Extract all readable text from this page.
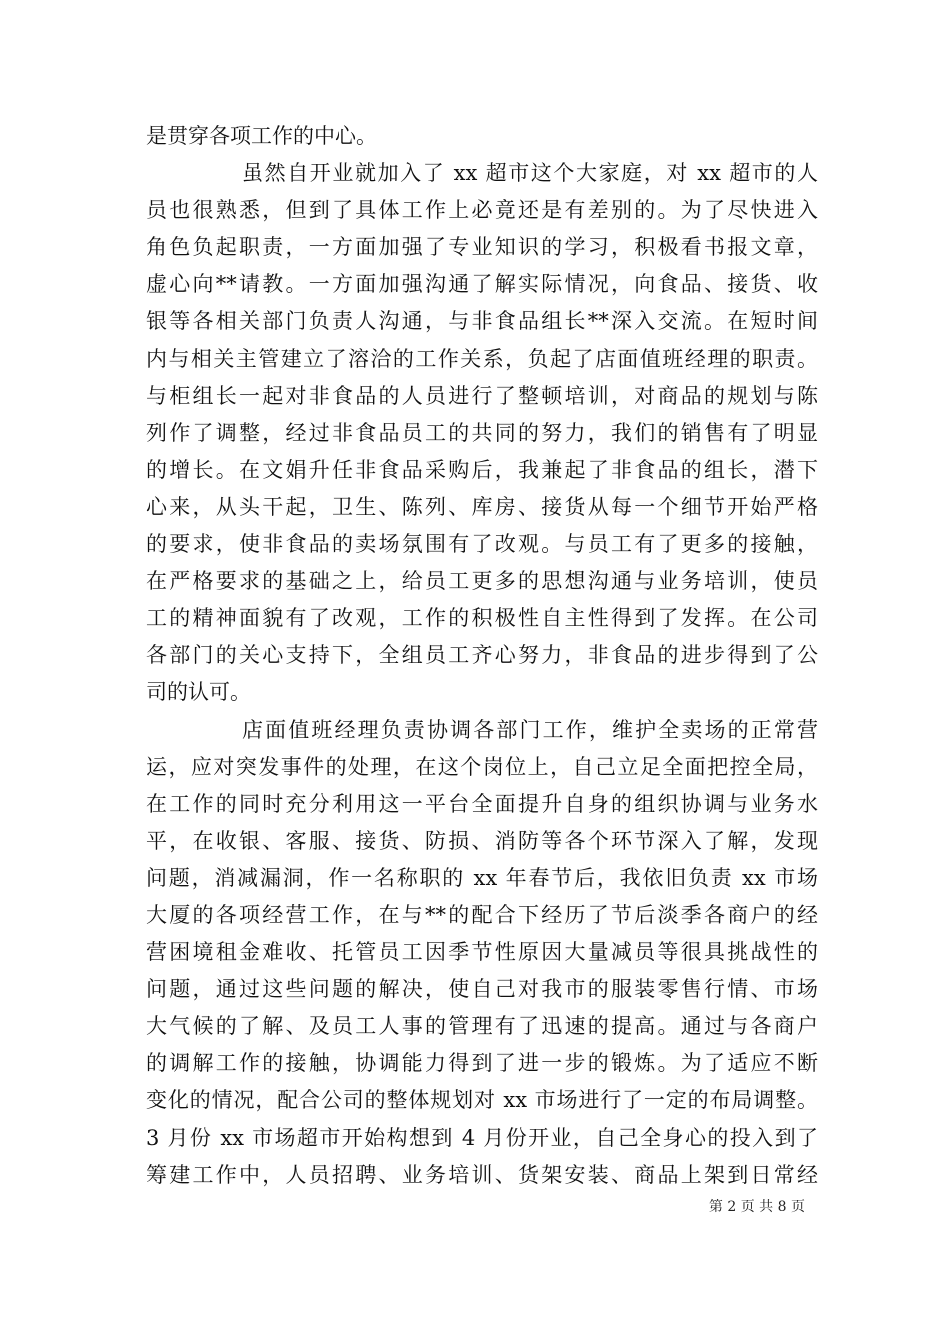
是贯穿各项工作的中心。
虽然自开业就加入了 xx 超市这个大家庭，对 xx 超市的人
员也很熟悉，但到了具体工作上必竟还是有差别的。为了尽快进入
角色负起职责，一方面加强了专业知识的学习，积极看书报文章，
虚心向**请教。一方面加强沟通了解实际情况，向食品、接货、收
银等各相关部门负责人沟通，与非食品组长**深入交流。在短时间
内与相关主管建立了溶洽的工作关系，负起了店面值班经理的职责。
与柜组长一起对非食品的人员进行了整顿培训，对商品的规划与陈
列作了调整，经过非食品员工的共同的努力，我们的销售有了明显
的增长。在文娟升任非食品采购后，我兼起了非食品的组长，潜下
心来，从头干起，卫生、陈列、库房、接货从每一个细节开始严格
的要求，使非食品的卖场氛围有了改观。与员工有了更多的接触，
在严格要求的基础之上，给员工更多的思想沟通与业务培训，使员
工的精神面貌有了改观，工作的积极性自主性得到了发挥。在公司
各部门的关心支持下，全组员工齐心努力，非食品的进步得到了公
司的认可。
店面值班经理负责协调各部门工作，维护全卖场的正常营
运，应对突发事件的处理，在这个岗位上，自己立足全面把控全局，
在工作的同时充分利用这一平台全面提升自身的组织协调与业务水
平，在收银、客服、接货、防损、消防等各个环节深入了解，发现
问题，消减漏洞，作一名称职的 xx 年春节后，我依旧负责 xx 市场
大厦的各项经营工作，在与**的配合下经历了节后淡季各商户的经
营困境租金难收、托管员工因季节性原因大量减员等很具挑战性的
问题，通过这些问题的解决，使自己对我市的服装零售行情、市场
大气候的了解、及员工人事的管理有了迅速的提高。通过与各商户
的调解工作的接触，协调能力得到了进一步的锻炼。为了适应不断
变化的情况，配合公司的整体规划对 xx 市场进行了一定的布局调整。
3 月份 xx 市场超市开始构想到 4 月份开业，自己全身心的投入到了
筹建工作中，人员招聘、业务培训、货架安装、商品上架到日常经
第 2 页 共 8 页
